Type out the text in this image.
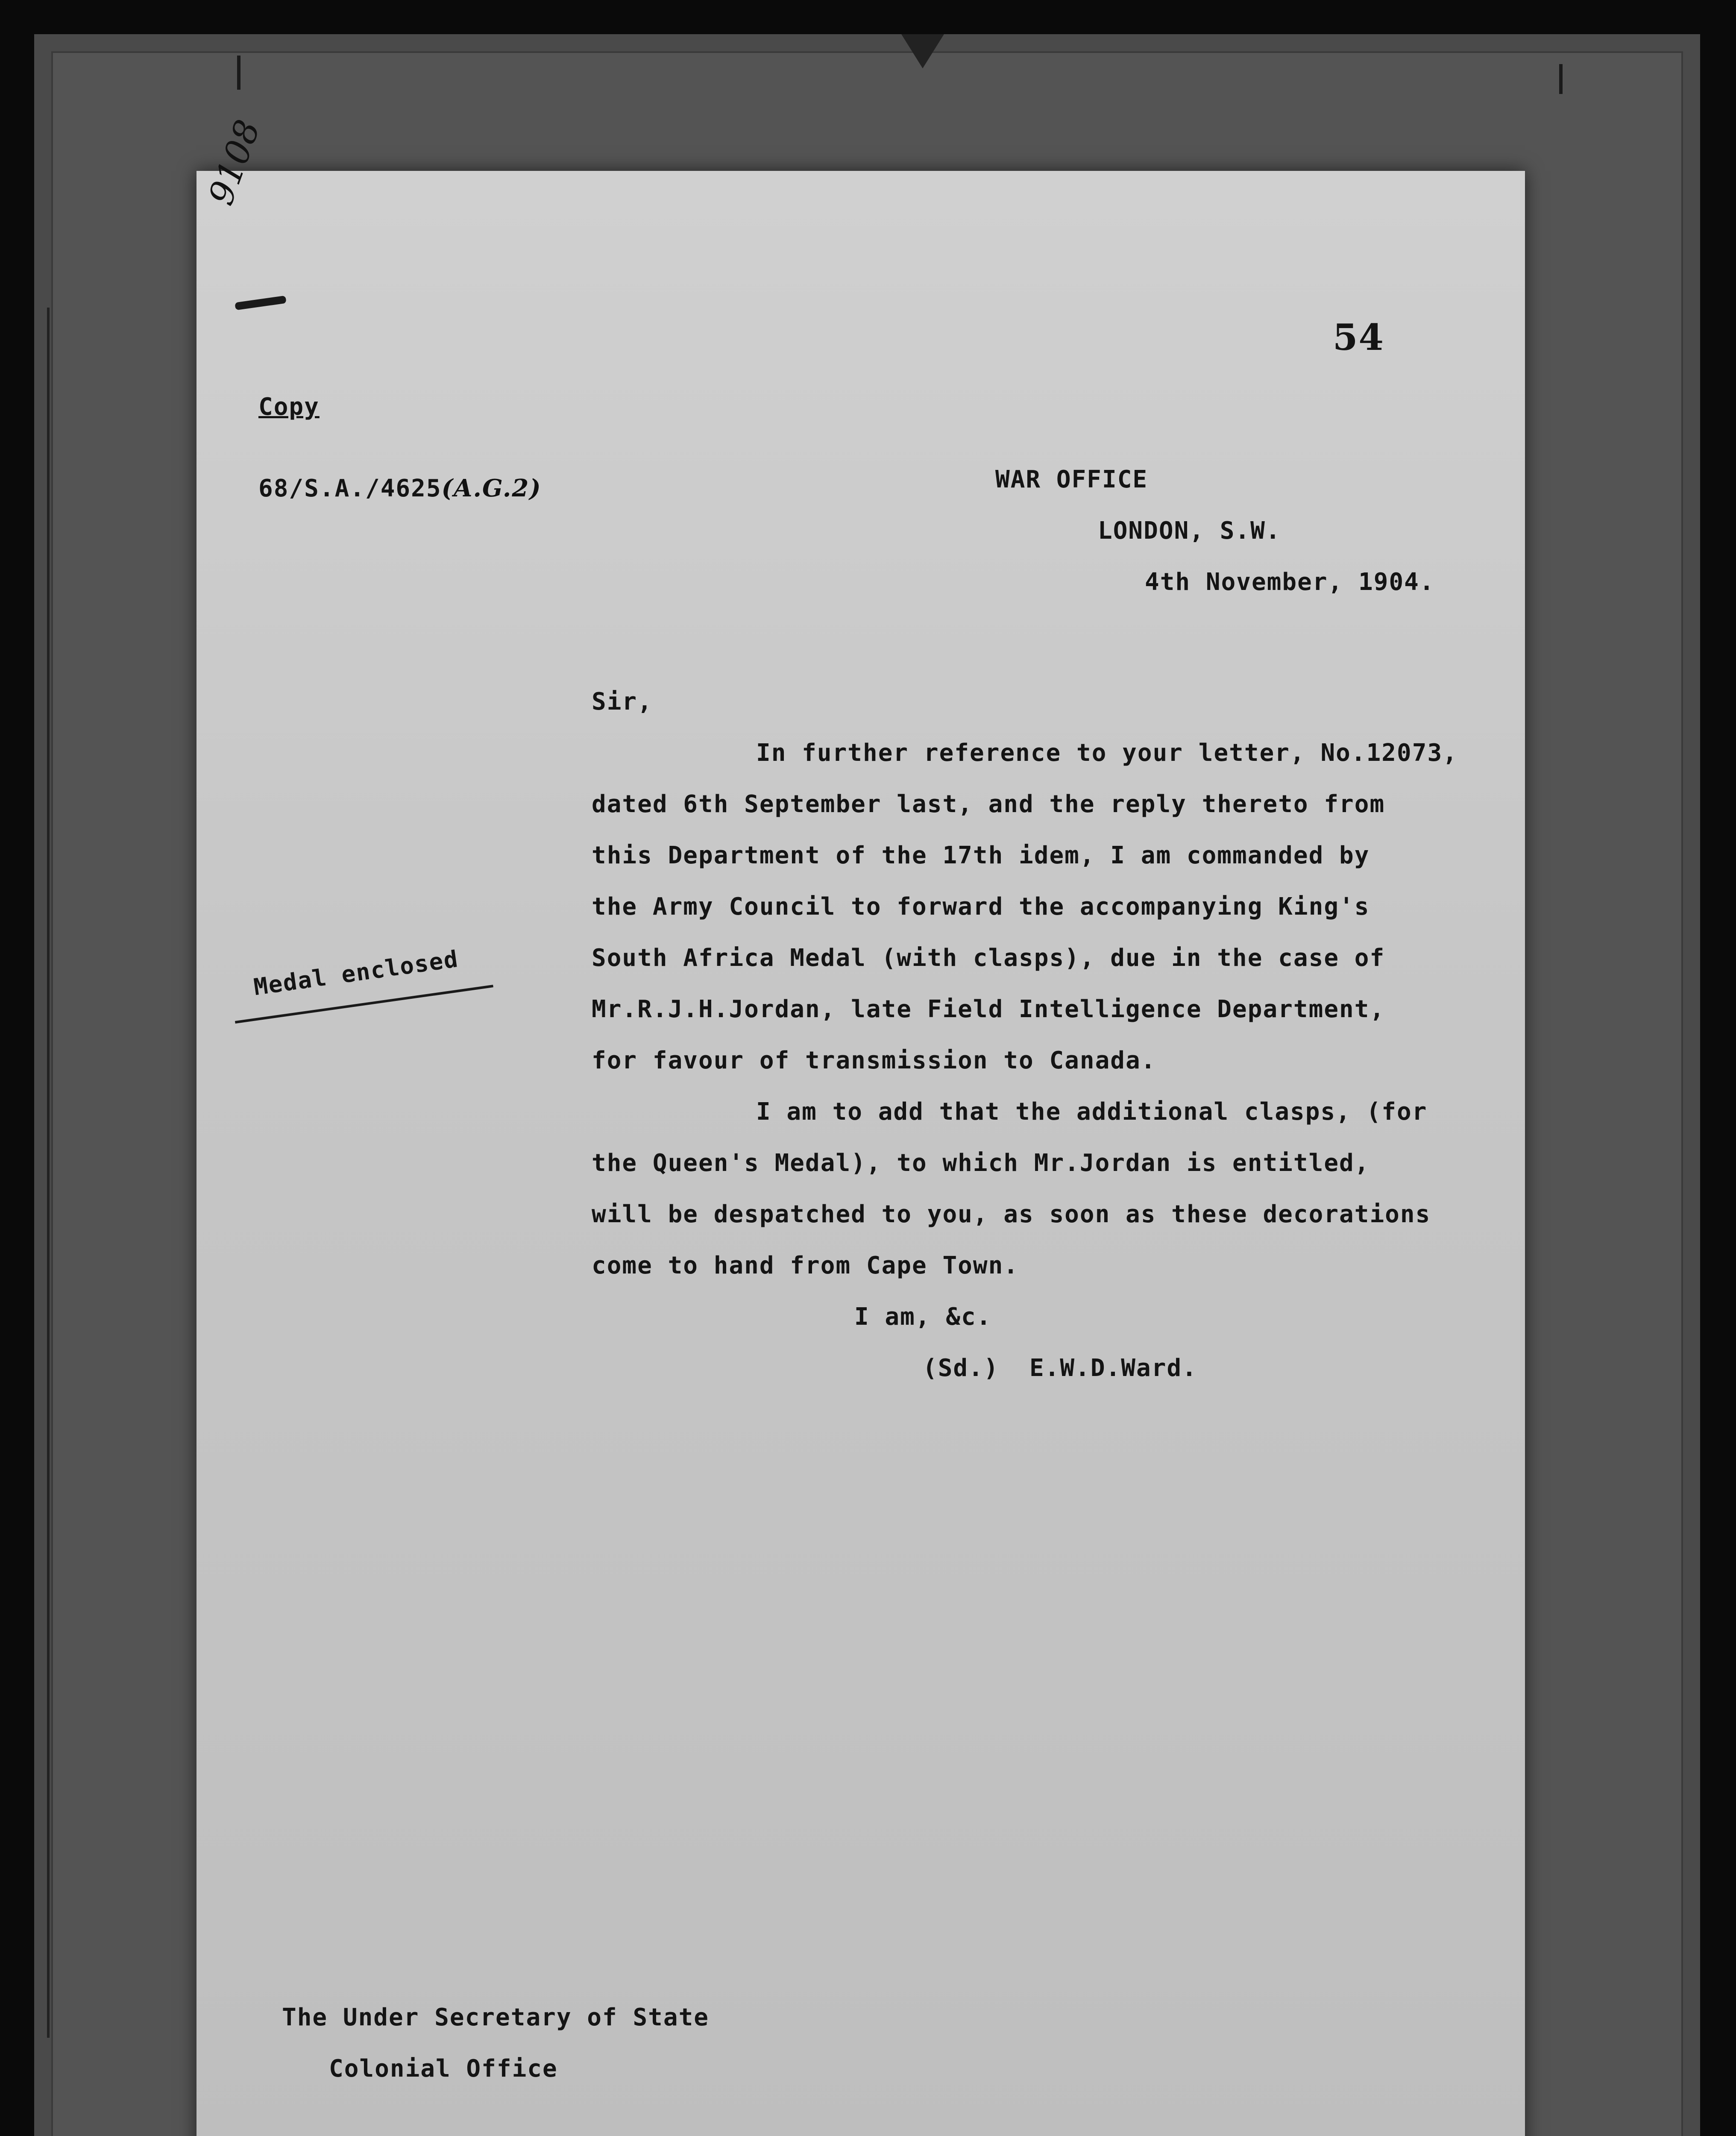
9108
54
Copy
68/S.A./4625(A.G.2)	WAR OFFICE
LONDON, S.W.
4th November, 1904.
Sir,
In further reference to your letter, No.12073,
dated 6th September last, and the reply thereto from
this Department of the 17th idem, I am commanded by
the Army Council to forward the accompanying King's
South Africa Medal (with clasps), due in the case of
Mr.R.J.H.Jordan, late Field Intelligence Department,
for favour of transmission to Canada.
I am to add that the additional clasps, (for
the Queen's Medal), to which Mr.Jordan is entitled,
will be despatched to you, as soon as these decorations
come to hand from Cape Town.
I am, &c.
(Sd.)  E.W.D.Ward.
Medal enclosed
The Under Secretary of State
Colonial Office
